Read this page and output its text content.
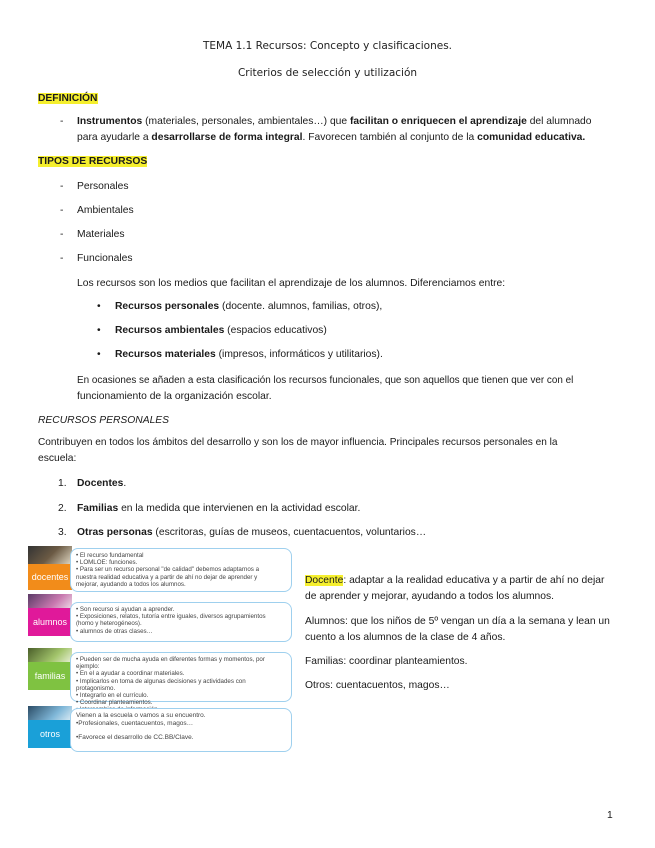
TEMA 1.1 Recursos: Concepto y clasificaciones.
Criterios de selección y utilización
DEFINICIÓN
- Instrumentos (materiales, personales, ambientales…) que facilitan o enriquecen el aprendizaje del alumnado
para ayudarle a desarrollarse de forma integral. Favorecen también al conjunto de la comunidad educativa.
TIPOS DE RECURSOS
- Personales
- Ambientales
- Materiales
- Funcionales
Los recursos son los medios que facilitan el aprendizaje de los alumnos. Diferenciamos entre:
• Recursos personales (docente. alumnos, familias, otros),
• Recursos ambientales (espacios educativos)
• Recursos materiales (impresos, informáticos y utilitarios).
En ocasiones se añaden a esta clasificación los recursos funcionales, que son aquellos que tienen que ver con el
funcionamiento de la organización escolar.
RECURSOS PERSONALES
Contribuyen en todos los ámbitos del desarrollo y son los de mayor influencia. Principales recursos personales en la
escuela:
1. Docentes.
2. Familias en la medida que intervienen en la actividad escolar.
3. Otras personas (escritoras, guías de museos, cuentacuentos, voluntarios…
docentes
• El recurso fundamental
• LOMLOE: funciones.
• Para ser un recurso personal "de calidad" debemos adaptarnos a
nuestra realidad educativa y a partir de ahí no dejar de aprender y
mejorar, ayudando a todos los alumnos.
alumnos
• Son recurso si ayudan a aprender.
• Exposiciones, relatos, tutoría entre iguales, diversos agrupamientos
(homo y heterogéneos).
• alumnos de otras clases…
familias
• Pueden ser de mucha ayuda en diferentes formas y momentos, por ejemplo:
• En el a ayudar a coordinar materiales.
• Implicarlos en toma de algunas decisiones y actividades con protagonismo.
• Integrarlo en el currículo.
• Coordinar planteamientos.
otros
Vienen a la escuela o vamos a su encuentro.
•Profesionales, cuentacuentos, magos…
•Favorece el desarrollo de CC.BB/Clave.
Docente: adaptar a la realidad educativa y a partir de ahí no dejar
de aprender y mejorar, ayudando a todos los alumnos.
Alumnos: que los niños de 5º vengan un día a la semana y lean un
cuento a los alumnos de la clase de 4 años.
Familias: coordinar planteamientos.
Otros: cuentacuentos, magos…
1
